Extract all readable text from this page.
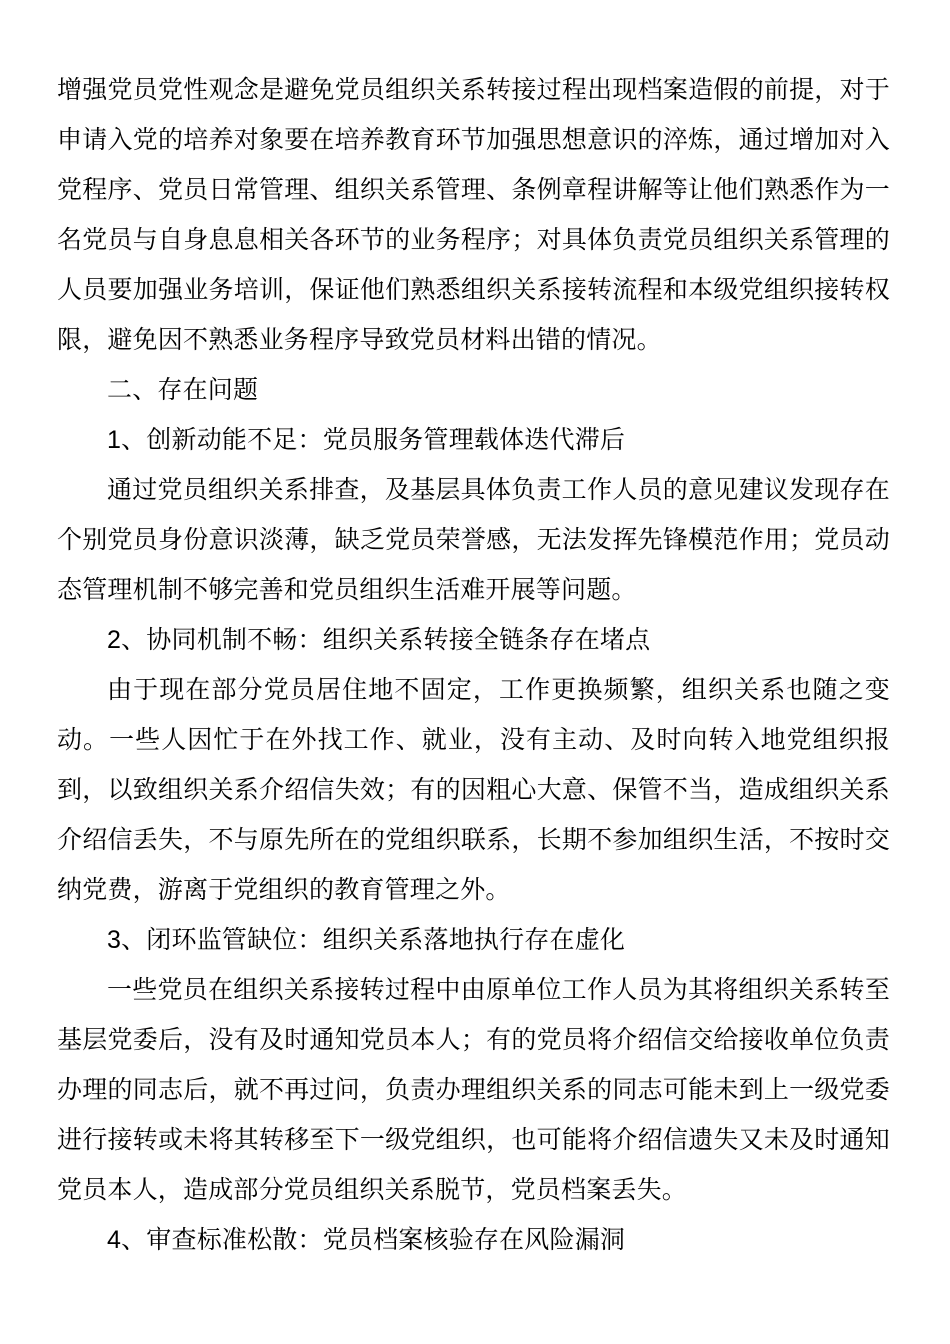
增强党员党性观念是避免党员组织关系转接过程出现档案造假的前提，对于申请入党的培养对象要在培养教育环节加强思想意识的淬炼，通过增加对入党程序、党员日常管理、组织关系管理、条例章程讲解等让他们熟悉作为一名党员与自身息息相关各环节的业务程序；对具体负责党员组织关系管理的人员要加强业务培训，保证他们熟悉组织关系接转流程和本级党组织接转权限，避免因不熟悉业务程序导致党员材料出错的情况。

二、存在问题

1、创新动能不足：党员服务管理载体迭代滞后

通过党员组织关系排查，及基层具体负责工作人员的意见建议发现存在个别党员身份意识淡薄，缺乏党员荣誉感，无法发挥先锋模范作用；党员动态管理机制不够完善和党员组织生活难开展等问题。

2、协同机制不畅：组织关系转接全链条存在堵点

由于现在部分党员居住地不固定，工作更换频繁，组织关系也随之变动。一些人因忙于在外找工作、就业，没有主动、及时向转入地党组织报到，以致组织关系介绍信失效；有的因粗心大意、保管不当，造成组织关系介绍信丢失，不与原先所在的党组织联系，长期不参加组织生活，不按时交纳党费，游离于党组织的教育管理之外。

3、闭环监管缺位：组织关系落地执行存在虚化

一些党员在组织关系接转过程中由原单位工作人员为其将组织关系转至基层党委后，没有及时通知党员本人；有的党员将介绍信交给接收单位负责办理的同志后，就不再过问，负责办理组织关系的同志可能未到上一级党委进行接转或未将其转移至下一级党组织，也可能将介绍信遗失又未及时通知党员本人，造成部分党员组织关系脱节，党员档案丢失。

4、审查标准松散：党员档案核验存在风险漏洞
